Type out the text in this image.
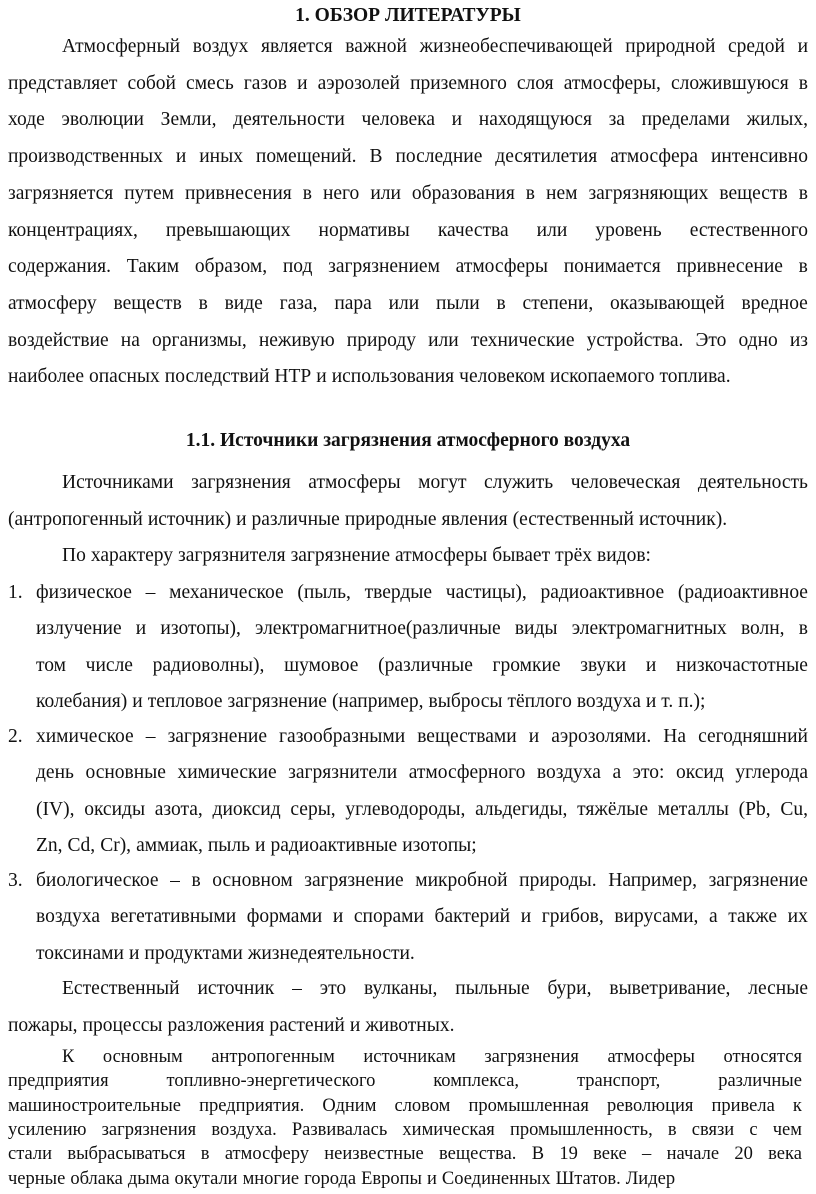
1. ОБЗОР ЛИТЕРАТУРЫ
Атмосферный воздух является важной жизнеобеспечивающей природной средой и
представляет собой смесь газов и аэрозолей приземного слоя атмосферы, сложившуюся в
ходе эволюции Земли, деятельности человека и находящуюся за пределами жилых,
производственных и иных помещений. В последние десятилетия атмосфера интенсивно
загрязняется путем привнесения в него или образования в нем загрязняющих веществ в
концентрациях, превышающих нормативы качества или уровень естественного
содержания. Таким образом, под загрязнением атмосферы понимается привнесение в
атмосферу веществ в виде газа, пара или пыли в степени, оказывающей вредное
воздействие на организмы, неживую природу или технические устройства. Это одно из
наиболее опасных последствий НТР и использования человеком ископаемого топлива.
1.1. Источники загрязнения атмосферного воздуха
Источниками загрязнения атмосферы могут служить человеческая деятельность
(антропогенный источник) и различные природные явления (естественный источник).
По характеру загрязнителя загрязнение атмосферы бывает трёх видов:
1. физическое – механическое (пыль, твердые частицы), радиоактивное (радиоактивное
излучение и изотопы), электромагнитное(различные виды электромагнитных волн, в
том числе радиоволны), шумовое (различные громкие звуки и низкочастотные
колебания) и тепловое загрязнение (например, выбросы тёплого воздуха и т. п.);
2. химическое – загрязнение газообразными веществами и аэрозолями. На сегодняшний
день основные химические загрязнители атмосферного воздуха а это: оксид углерода
(IV), оксиды азота, диоксид серы, углеводороды, альдегиды, тяжёлые металлы (Pb, Cu,
Zn, Cd, Cr), аммиак, пыль и радиоактивные изотопы;
3. биологическое – в основном загрязнение микробной природы. Например, загрязнение
воздуха вегетативными формами и спорами бактерий и грибов, вирусами, а также их
токсинами и продуктами жизнедеятельности.
Естественный источник – это вулканы, пыльные бури, выветривание, лесные
пожары, процессы разложения растений и животных.
К основным антропогенным источникам загрязнения атмосферы относятся
предприятия	топливно-энергетического	комплекса,	транспорт,	различные
машиностроительные предприятия. Одним словом промышленная революция привела к
усилению загрязнения воздуха. Развивалась химическая промышленность, в связи с чем
стали выбрасываться в атмосферу неизвестные вещества. В 19 веке – начале 20 века
черные облака дыма окутали многие города Европы и Соединенных Штатов. Лидер
